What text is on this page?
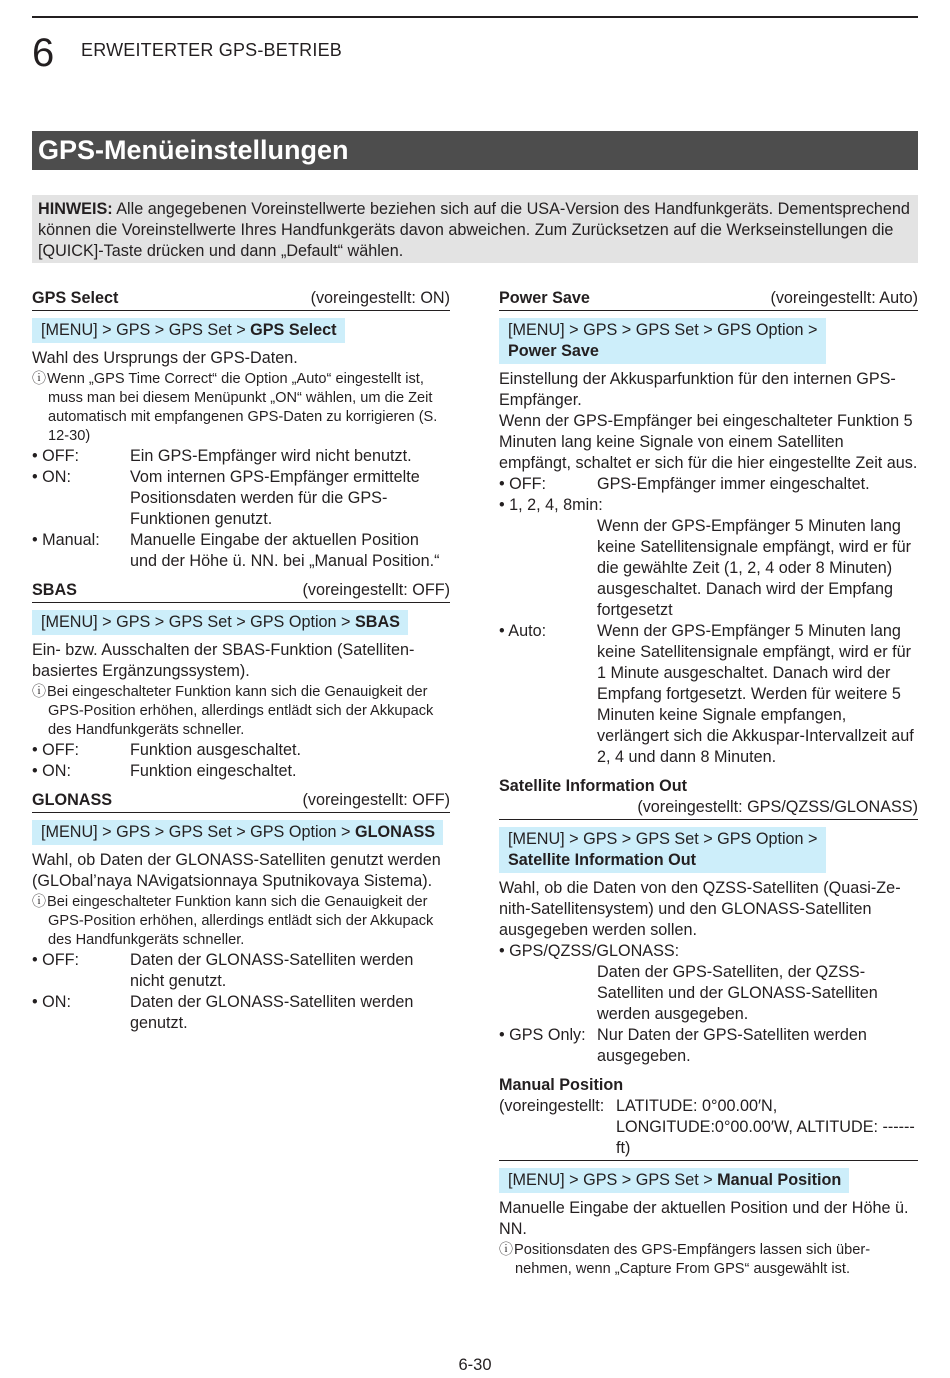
6 ERWEITERTER GPS-BETRIEB
GPS-Menüeinstellungen
HINWEIS: Alle angegebenen Voreinstellwerte beziehen sich auf die USA-Version des Handfunkgeräts. Dementsprechend können die Voreinstellwerte Ihres Handfunkgeräts davon abweichen. Zum Zurücksetzen auf die Werkseinstellungen die [QUICK]-Taste drücken und dann „Default“ wählen.
GPS Select	(voreingestellt: ON)
[MENU] > GPS > GPS Set > GPS Select
Wahl des Ursprungs der GPS-Daten.
ⓘWenn „GPS Time Correct“ die Option „Auto“ eingestellt ist, muss man bei diesem Menüpunkt „ON“ wählen, um die Zeit automatisch mit empfangenen GPS-Daten zu korrigieren (S. 12-30)
• OFF:	Ein GPS-Empfänger wird nicht benutzt.
• ON:	Vom internen GPS-Empfänger ermittelte Positionsdaten werden für die GPS-Funktionen genutzt.
• Manual:	Manuelle Eingabe der aktuellen Position und der Höhe ü. NN. bei „Manual Position.“
SBAS	(voreingestellt: OFF)
[MENU] > GPS > GPS Set > GPS Option > SBAS
Ein- bzw. Ausschalten der SBAS-Funktion (Satellitenbasiertes Ergänzungssystem).
ⓘBei eingeschalteter Funktion kann sich die Genauigkeit der GPS-Position erhöhen, allerdings entlädt sich der Akkupack des Handfunkgeräts schneller.
• OFF:	Funktion ausgeschaltet.
• ON:	Funktion eingeschaltet.
GLONASS	(voreingestellt: OFF)
[MENU] > GPS > GPS Set > GPS Option > GLONASS
Wahl, ob Daten der GLONASS-Satelliten genutzt werden (GLObal’naya NAvigatsionnaya Sputnikovaya Sistema).
ⓘBei eingeschalteter Funktion kann sich die Genauigkeit der GPS-Position erhöhen, allerdings entlädt sich der Akkupack des Handfunkgeräts schneller.
• OFF:	Daten der GLONASS-Satelliten werden nicht genutzt.
• ON:	Daten der GLONASS-Satelliten werden genutzt.
Power Save	(voreingestellt: Auto)
[MENU] > GPS > GPS Set > GPS Option >
Power Save
Einstellung der Akkusparfunktion für den internen GPS-Empfänger.
Wenn der GPS-Empfänger bei eingeschalteter Funktion 5 Minuten lang keine Signale von einem Satelliten empfängt, schaltet er sich für die hier eingestellte Zeit aus.
• OFF:	GPS-Empfänger immer eingeschaltet.
• 1, 2, 4, 8min:
Wenn der GPS-Empfänger 5 Minuten lang keine Satellitensignale empfängt, wird er für die gewählte Zeit (1, 2, 4 oder 8 Minuten) ausgeschaltet. Danach wird der Empfang fortgesetzt
• Auto:	Wenn der GPS-Empfänger 5 Minuten lang keine Satellitensignale empfängt, wird er für 1 Minute ausgeschaltet. Danach wird der Empfang fortgesetzt. Werden für weitere 5 Minuten keine Signale empfangen, verlängert sich die Akkuspar-Intervallzeit auf 2, 4 und dann 8 Minuten.
Satellite Information Out
(voreingestellt: GPS/QZSS/GLONASS)
[MENU] > GPS > GPS Set > GPS Option >
Satellite Information Out
Wahl, ob die Daten von den QZSS-Satelliten (Quasi-Zenith-Satellitensystem) und den GLONASS-Satelliten ausgegeben werden sollen.
• GPS/QZSS/GLONASS:
Daten der GPS-Satelliten, der QZSS-Satelliten und der GLONASS-Satelliten werden ausgegeben.
• GPS Only: Nur Daten der GPS-Satelliten werden ausgegeben.
Manual Position
(voreingestellt: LATITUDE: 0°00.00′N, LONGITUDE:0°00.00′W, ALTITUDE: ------ft)
[MENU] > GPS > GPS Set > Manual Position
Manuelle Eingabe der aktuellen Position und der Höhe ü. NN.
ⓘPositionsdaten des GPS-Empfängers lassen sich übernehmen, wenn „Capture From GPS“ ausgewählt ist.
6-30
